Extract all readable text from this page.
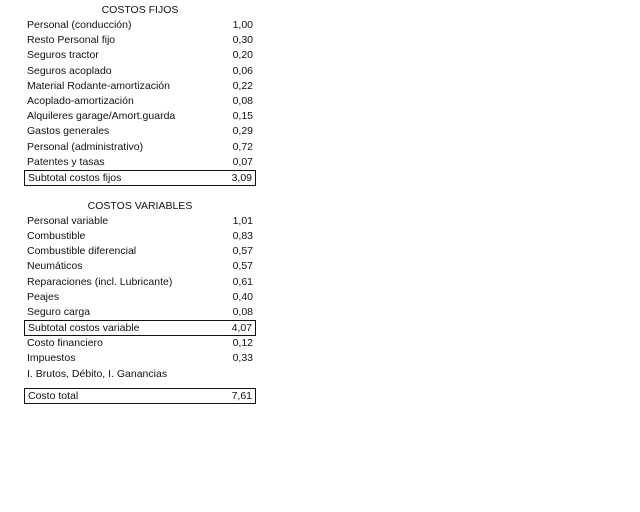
COSTOS FIJOS
Personal (conducción)	1,00
Resto Personal fijo	0,30
Seguros tractor	0,20
Seguros acoplado	0,06
Material Rodante-amortización	0,22
Acoplado-amortización	0,08
Alquileres garage/Amort.guarda	0,15
Gastos generales	0,29
Personal (administrativo)	0,72
Patentes y tasas	0,07
Subtotal costos fijos	3,09
COSTOS VARIABLES
Personal variable	1,01
Combustible	0,83
Combustible diferencial	0,57
Neumáticos	0,57
Reparaciones (incl. Lubricante)	0,61
Peajes	0,40
Seguro carga	0,08
Subtotal costos variable	4,07
Costo financiero	0,12
Impuestos	0,33
I. Brutos, Débito, I. Ganancias
Costo total	7,61
